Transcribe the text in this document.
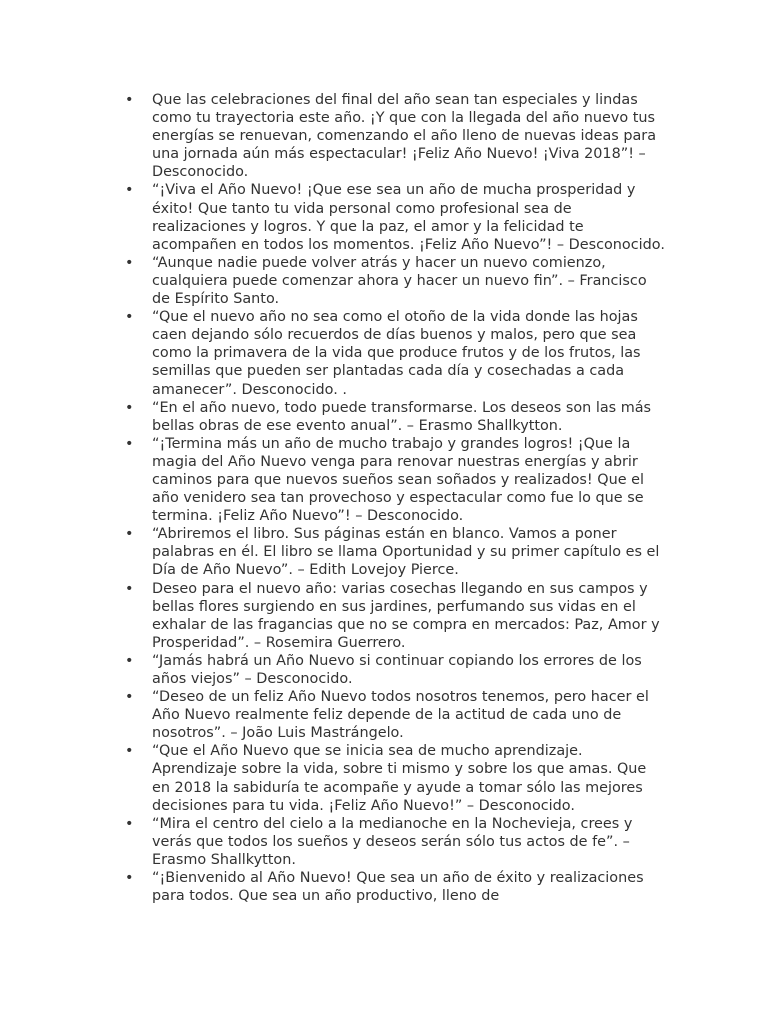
• Que las celebraciones del final del año sean tan especiales y lindas como tu trayectoria este año. ¡Y que con la llegada del año nuevo tus energías se renuevan, comenzando el año lleno de nuevas ideas para una jornada aún más espectacular! ¡Feliz Año Nuevo! ¡Viva 2018”! – Desconocido.
• “¡Viva el Año Nuevo! ¡Que ese sea un año de mucha prosperidad y éxito! Que tanto tu vida personal como profesional sea de realizaciones y logros. Y que la paz, el amor y la felicidad te acompañen en todos los momentos. ¡Feliz Año Nuevo”! – Desconocido.
• “Aunque nadie puede volver atrás y hacer un nuevo comienzo, cualquiera puede comenzar ahora y hacer un nuevo fin”. – Francisco de Espírito Santo.
• “Que el nuevo año no sea como el otoño de la vida donde las hojas caen dejando sólo recuerdos de días buenos y malos, pero que sea como la primavera de la vida que produce frutos y de los frutos, las semillas que pueden ser plantadas cada día y cosechadas a cada amanecer”. Desconocido. .
• “En el año nuevo, todo puede transformarse. Los deseos son las más bellas obras de ese evento anual”. – Erasmo Shallkytton.
• “¡Termina más un año de mucho trabajo y grandes logros! ¡Que la magia del Año Nuevo venga para renovar nuestras energías y abrir caminos para que nuevos sueños sean soñados y realizados! Que el año venidero sea tan provechoso y espectacular como fue lo que se termina. ¡Feliz Año Nuevo”! – Desconocido.
• “Abriremos el libro. Sus páginas están en blanco. Vamos a poner palabras en él. El libro se llama Oportunidad y su primer capítulo es el Día de Año Nuevo”. – Edith Lovejoy Pierce.
• Deseo para el nuevo año: varias cosechas llegando en sus campos y bellas flores surgiendo en sus jardines, perfumando sus vidas en el exhalar de las fragancias que no se compra en mercados: Paz, Amor y Prosperidad”. – Rosemira Guerrero.
• “Jamás habrá un Año Nuevo si continuar copiando los errores de los años viejos” – Desconocido.
• “Deseo de un feliz Año Nuevo todos nosotros tenemos, pero hacer el Año Nuevo realmente feliz depende de la actitud de cada uno de nosotros”. – João Luis Mastrángelo.
• “Que el Año Nuevo que se inicia sea de mucho aprendizaje. Aprendizaje sobre la vida, sobre ti mismo y sobre los que amas. Que en 2018 la sabiduría te acompañe y ayude a tomar sólo las mejores decisiones para tu vida. ¡Feliz Año Nuevo!” – Desconocido.
• “Mira el centro del cielo a la medianoche en la Nochevieja, crees y verás que todos los sueños y deseos serán sólo tus actos de fe”. – Erasmo Shallkytton.
• “¡Bienvenido al Año Nuevo! Que sea un año de éxito y realizaciones para todos. Que sea un año productivo, lleno de
